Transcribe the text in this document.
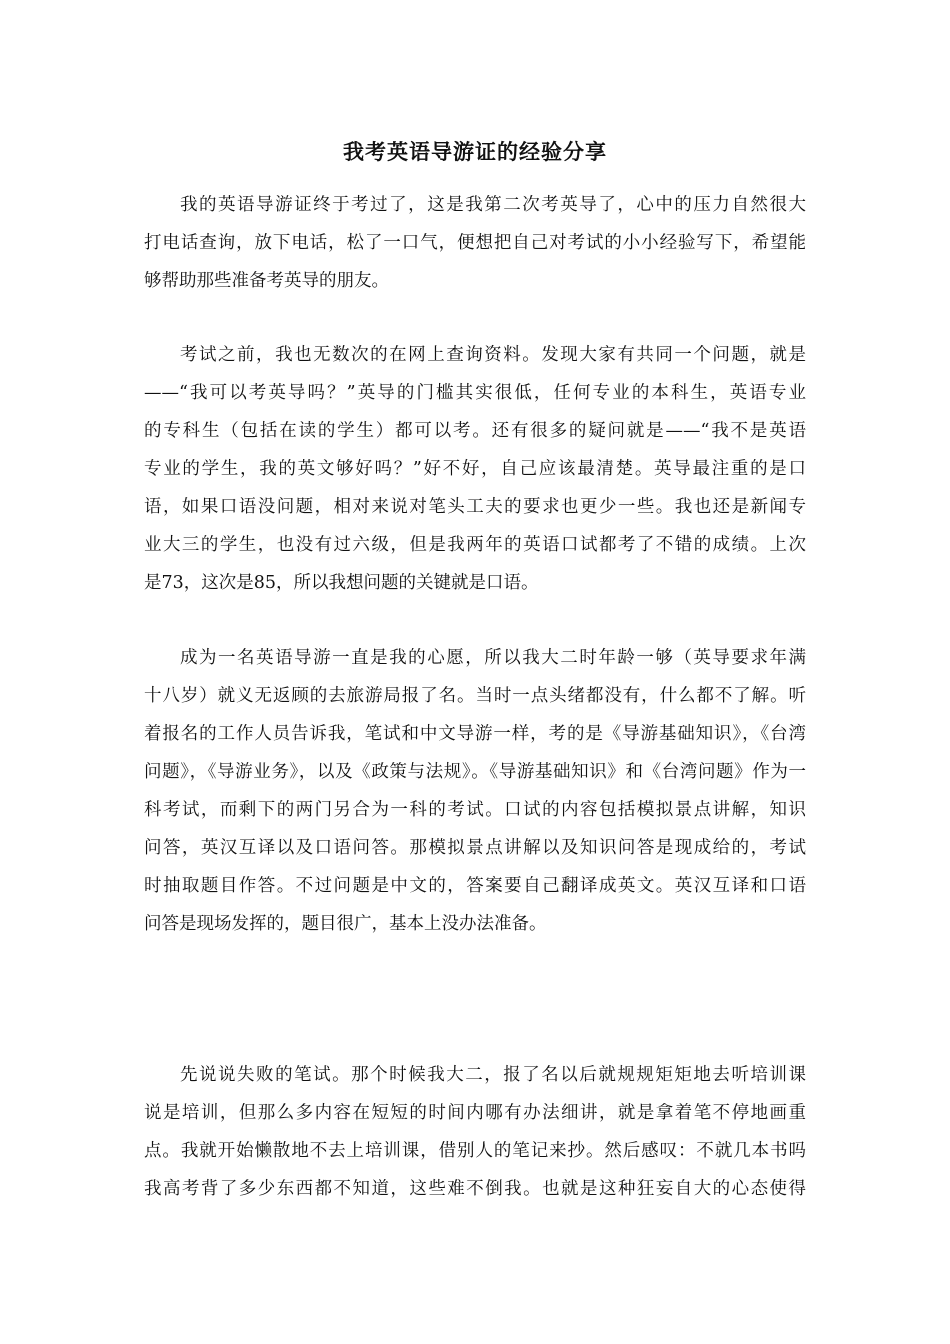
我考英语导游证的经验分享
我的英语导游证终于考过了，这是我第二次考英导了，心中的压力自然很大
打电话查询，放下电话，松了一口气，便想把自己对考试的小小经验写下，希望能
够帮助那些准备考英导的朋友。
考试之前，我也无数次的在网上查询资料。发现大家有共同一个问题，就是
——“我可以考英导吗？”英导的门槛其实很低，任何专业的本科生，英语专业
的专科生（包括在读的学生）都可以考。还有很多的疑问就是——“我不是英语
专业的学生，我的英文够好吗？”好不好，自己应该最清楚。英导最注重的是口
语，如果口语没问题，相对来说对笔头工夫的要求也更少一些。我也还是新闻专
业大三的学生，也没有过六级，但是我两年的英语口试都考了不错的成绩。上次
是73，这次是85，所以我想问题的关键就是口语。
成为一名英语导游一直是我的心愿，所以我大二时年龄一够（英导要求年满
十八岁）就义无返顾的去旅游局报了名。当时一点头绪都没有，什么都不了解。听
着报名的工作人员告诉我，笔试和中文导游一样，考的是《导游基础知识》，《台湾
问题》，《导游业务》，以及《政策与法规》。《导游基础知识》和《台湾问题》作为一
科考试，而剩下的两门另合为一科的考试。口试的内容包括模拟景点讲解，知识
问答，英汉互译以及口语问答。那模拟景点讲解以及知识问答是现成给的，考试
时抽取题目作答。不过问题是中文的，答案要自己翻译成英文。英汉互译和口语
问答是现场发挥的，题目很广，基本上没办法准备。
先说说失败的笔试。那个时候我大二，报了名以后就规规矩矩地去听培训课
说是培训，但那么多内容在短短的时间内哪有办法细讲，就是拿着笔不停地画重
点。我就开始懒散地不去上培训课，借别人的笔记来抄。然后感叹：不就几本书吗
我高考背了多少东西都不知道，这些难不倒我。也就是这种狂妄自大的心态使得
